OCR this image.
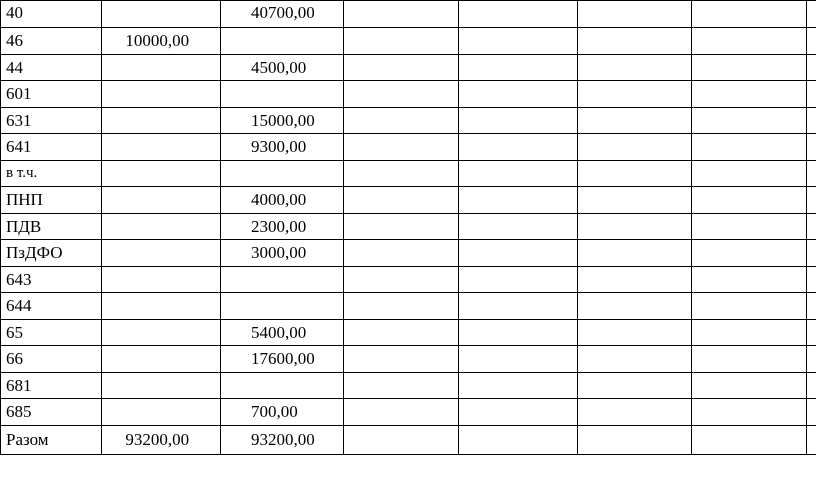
40		40700,00					
46	10000,00						
44		4500,00					
601							
631		15000,00					
641		9300,00					
в т.ч.							
ПНП		4000,00					
ПДВ		2300,00					
ПзДФО		3000,00					
643							
644							
65		5400,00					
66		17600,00					
681							
685		700,00					
Разом	93200,00	93200,00					
